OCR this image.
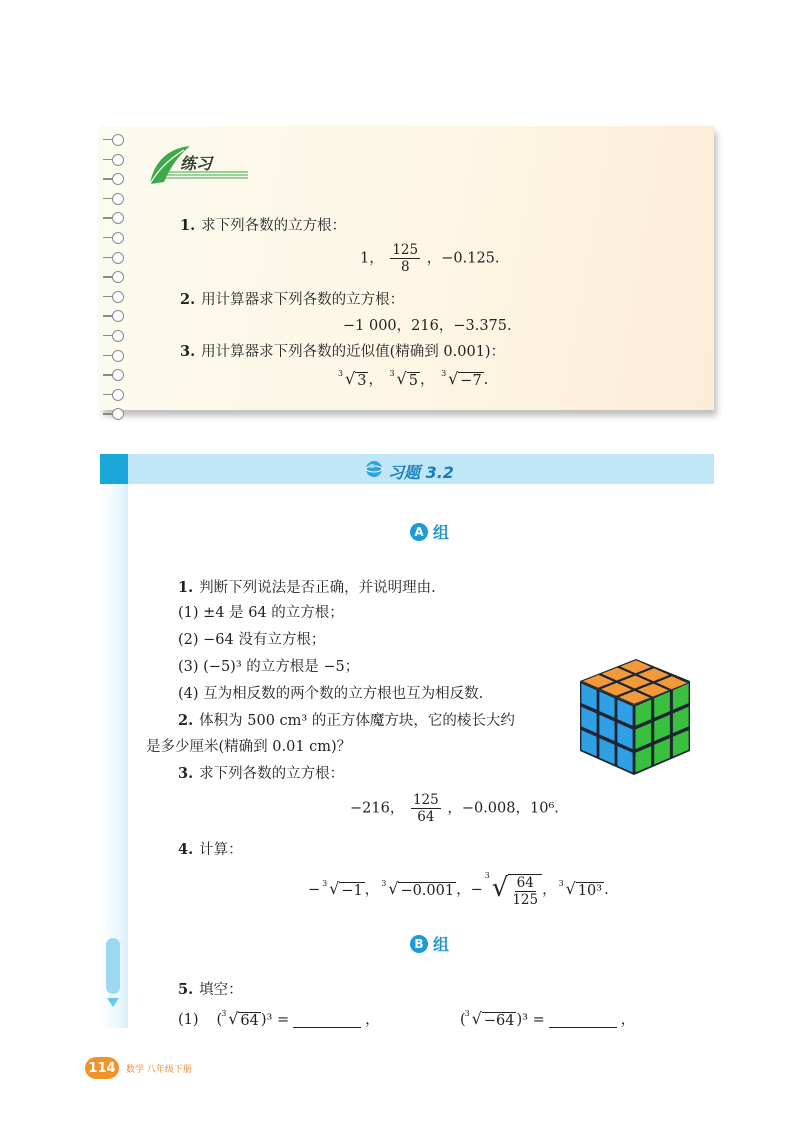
练习
1. 求下列各数的立方根：
1， $\frac{125}{8}$ ，−0.125.
2. 用计算器求下列各数的立方根：
−1 000，216，−3.375.
3. 用计算器求下列各数的近似值(精确到 0.001)：
3 √ 3 ， 3 √ 5 ， 3 √ −7 .
习题 3.2
A 组
1. 判断下列说法是否正确，并说明理由.
(1) ±4 是 64 的立方根；
(2) −64 没有立方根；
(3) (−5)³ 的立方根是 −5；
(4) 互为相反数的两个数的立方根也互为相反数.
2. 体积为 500 cm³ 的正方体魔方块，它的棱长大约
是多少厘米(精确到 0.01 cm)？
3. 求下列各数的立方根：
−216， $\frac{125}{64}$ ，−0.008，10⁶.
4. 计算：
− 3 √ −1 ， 3 √ −0.001 ， −
3 √ $\frac{64}{125}$ ， 3 √ 10³ .
B 组
5. 填空：
(1) ( 3 √ 64 )³ =	，	( 3 √ −64 )³ =	，
114	数学 八年级下册
